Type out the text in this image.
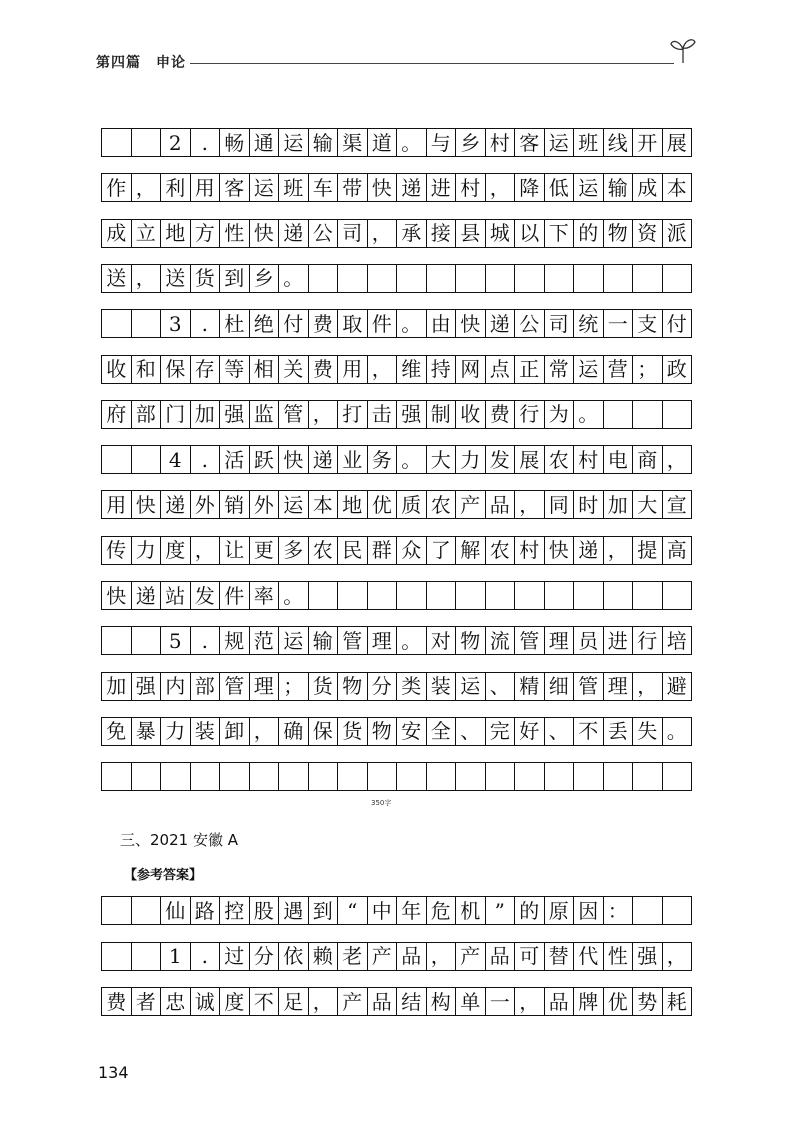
第四篇　申论
2 . 畅 通 运 输 渠 道 。 与 乡 村 客 运 班 线 开 展
作 ， 利 用 客 运 班 车 带 快 递 进 村 ， 降 低 运 输 成 本
成 立 地 方 性 快 递 公 司 ， 承 接 县 城 以 下 的 物 资 派
送 ， 送 货 到 乡 。
3 . 杜 绝 付 费 取 件 。 由 快 递 公 司 统 一 支 付
收 和 保 存 等 相 关 费 用 ， 维 持 网 点 正 常 运 营 ； 政
府 部 门 加 强 监 管 ， 打 击 强 制 收 费 行 为 。
4 . 活 跃 快 递 业 务 。 大 力 发 展 农 村 电 商 ，
用 快 递 外 销 外 运 本 地 优 质 农 产 品 ， 同 时 加 大 宣
传 力 度 ， 让 更 多 农 民 群 众 了 解 农 村 快 递 ， 提 高
快 递 站 发 件 率 。
5 . 规 范 运 输 管 理 。 对 物 流 管 理 员 进 行 培
加 强 内 部 管 理 ； 货 物 分 类 装 运 、 精 细 管 理 ， 避
免 暴 力 装 卸 ， 确 保 货 物 安 全 、 完 好 、 不 丢 失 。
350字
三、2021 安徽 A
【参考答案】
仙 路 控 股 遇 到 “ 中 年 危 机 ” 的 原 因 ：
1 . 过 分 依 赖 老 产 品 ， 产 品 可 替 代 性 强 ，
费 者 忠 诚 度 不 足 ， 产 品 结 构 单 一 ， 品 牌 优 势 耗
134
